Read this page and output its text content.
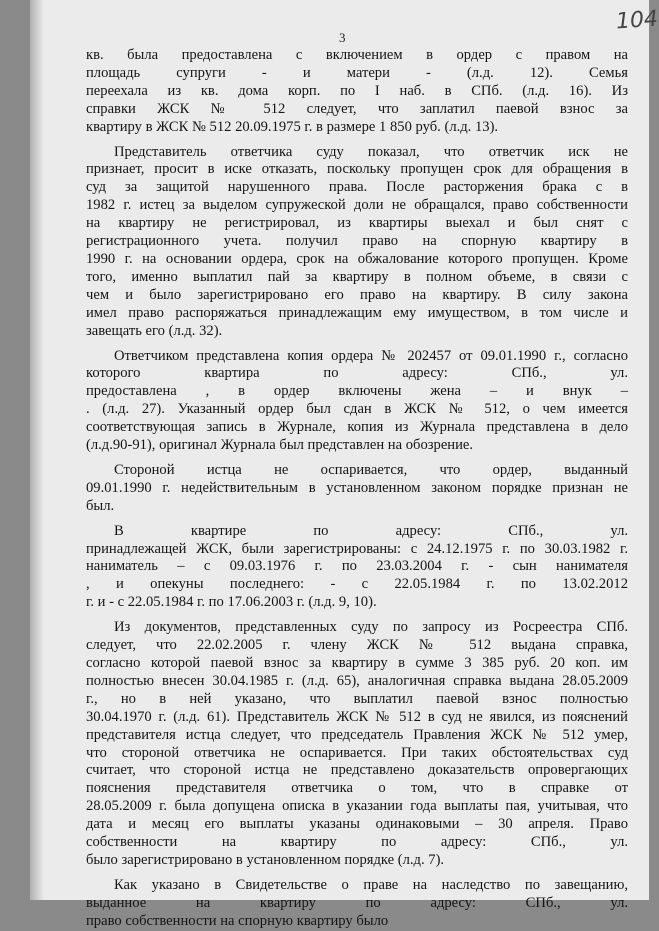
3
104
кв. была предоставлена с включением в ордер с правом на
площадь супруги - и матери - (л.д. 12). Семья
переехала из кв. дома корп. по I наб. в СПб. (л.д. 16). Из
справки ЖСК № 512 следует, что заплатил паевой взнос за
квартиру в ЖСК № 512 20.09.1975 г. в размере 1 850 руб. (л.д. 13).
Представитель ответчика суду показал, что ответчик иск не
признает, просит в иске отказать, поскольку пропущен срок для обращения в
суд за защитой нарушенного права. После расторжения брака с в
1982 г. истец за выделом супружеской доли не обращался, право собственности
на квартиру не регистрировал, из квартиры выехал и был снят с
регистрационного учета. получил право на спорную квартиру в
1990 г. на основании ордера, срок на обжалование которого пропущен. Кроме
того, именно выплатил пай за квартиру в полном объеме, в связи с
чем и было зарегистрировано его право на квартиру. В силу закона
имел право распоряжаться принадлежащим ему имуществом, в том числе и
завещать его (л.д. 32).
Ответчиком представлена копия ордера № 202457 от 09.01.1990 г., согласно
которого квартира по адресу: СПб., ул.
предоставлена , в ордер включены жена – и внук –
. (л.д. 27). Указанный ордер был сдан в ЖСК № 512, о чем имеется
соответствующая запись в Журнале, копия из Журнала представлена в дело
(л.д.90-91), оригинал Журнала был представлен на обозрение.
Стороной истца не оспаривается, что ордер, выданный
09.01.1990 г. недействительным в установленном законом порядке признан не
был.
В квартире по адресу: СПб., ул.
принадлежащей ЖСК, были зарегистрированы: с 24.12.1975 г. по 30.03.1982 г.
наниматель – с 09.03.1976 г. по 23.03.2004 г. - сын нанимателя
, и опекуны последнего: - с 22.05.1984 г. по 13.02.2012
г. и - с 22.05.1984 г. по 17.06.2003 г. (л.д. 9, 10).
Из документов, представленных суду по запросу из Росреестра СПб.
следует, что 22.02.2005 г. члену ЖСК № 512 выдана справка,
согласно которой паевой взнос за квартиру в сумме 3 385 руб. 20 коп. им
полностью внесен 30.04.1985 г. (л.д. 65), аналогичная справка выдана 28.05.2009
г., но в ней указано, что выплатил паевой взнос полностью
30.04.1970 г. (л.д. 61). Представитель ЖСК № 512 в суд не явился, из пояснений
представителя истца следует, что председатель Правления ЖСК № 512 умер,
что стороной ответчика не оспаривается. При таких обстоятельствах суд
считает, что стороной истца не представлено доказательств опровергающих
пояснения представителя ответчика о том, что в справке от
28.05.2009 г. была допущена описка в указании года выплаты пая, учитывая, что
дата и месяц его выплаты указаны одинаковыми – 30 апреля. Право
собственности на квартиру по адресу: СПб., ул.
было зарегистрировано в установленном порядке (л.д. 7).
Как указано в Свидетельстве о праве на наследство по завещанию,
выданное на квартиру по адресу: СПб., ул.
право собственности на спорную квартиру было
